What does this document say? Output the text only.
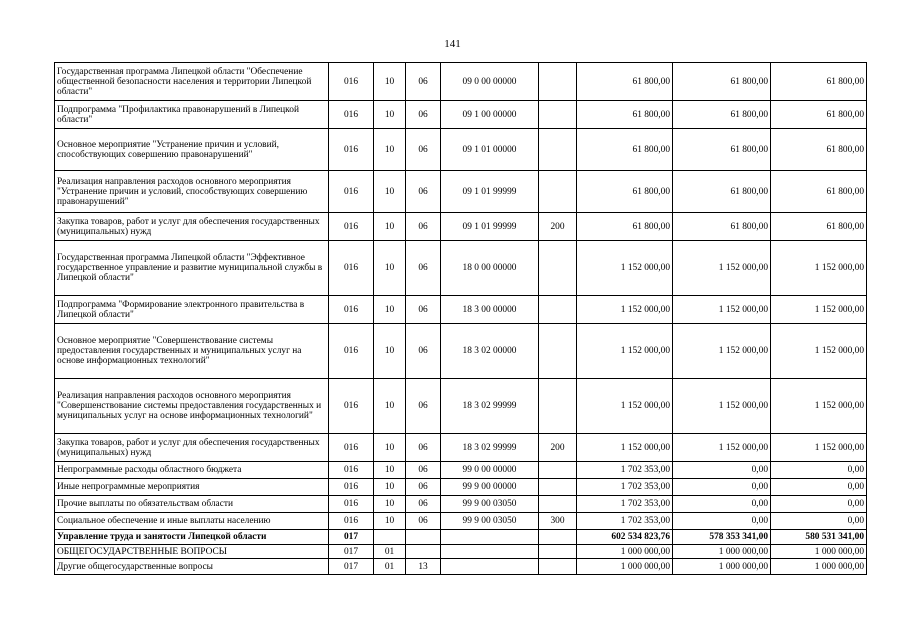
141
Государственная программа Липецкой области "Обеспечение общественной безопасности населения и территории Липецкой области"	016	10	06	09 0 00 00000		61 800,00	61 800,00	61 800,00
Подпрограмма "Профилактика правонарушений в Липецкой области"	016	10	06	09 1 00 00000		61 800,00	61 800,00	61 800,00
Основное мероприятие "Устранение причин и условий, способствующих совершению правонарушений"	016	10	06	09 1 01 00000		61 800,00	61 800,00	61 800,00
Реализация направления расходов основного мероприятия "Устранение причин и условий, способствующих совершению правонарушений"	016	10	06	09 1 01 99999		61 800,00	61 800,00	61 800,00
Закупка товаров, работ и услуг для обеспечения государственных (муниципальных) нужд	016	10	06	09 1 01 99999	200	61 800,00	61 800,00	61 800,00
Государственная программа Липецкой области "Эффективное государственное управление и развитие муниципальной службы в Липецкой области"	016	10	06	18 0 00 00000		1 152 000,00	1 152 000,00	1 152 000,00
Подпрограмма "Формирование электронного правительства в Липецкой области"	016	10	06	18 3 00 00000		1 152 000,00	1 152 000,00	1 152 000,00
Основное мероприятие "Совершенствование системы предоставления государственных и муниципальных услуг на основе информационных технологий"	016	10	06	18 3 02 00000		1 152 000,00	1 152 000,00	1 152 000,00
Реализация направления расходов основного мероприятия "Совершенствование системы предоставления государственных и муниципальных услуг на основе информационных технологий"	016	10	06	18 3 02 99999		1 152 000,00	1 152 000,00	1 152 000,00
Закупка товаров, работ и услуг для обеспечения государственных (муниципальных) нужд	016	10	06	18 3 02 99999	200	1 152 000,00	1 152 000,00	1 152 000,00
Непрограммные расходы областного бюджета	016	10	06	99 0 00 00000		1 702 353,00	0,00	0,00
Иные непрограммные мероприятия	016	10	06	99 9 00 00000		1 702 353,00	0,00	0,00
Прочие выплаты по обязательствам области	016	10	06	99 9 00 03050		1 702 353,00	0,00	0,00
Социальное обеспечение и иные выплаты населению	016	10	06	99 9 00 03050	300	1 702 353,00	0,00	0,00
Управление труда и занятости Липецкой области	017					602 534 823,76	578 353 341,00	580 531 341,00
ОБЩЕГОСУДАРСТВЕННЫЕ ВОПРОСЫ	017	01				1 000 000,00	1 000 000,00	1 000 000,00
Другие общегосударственные вопросы	017	01	13			1 000 000,00	1 000 000,00	1 000 000,00
